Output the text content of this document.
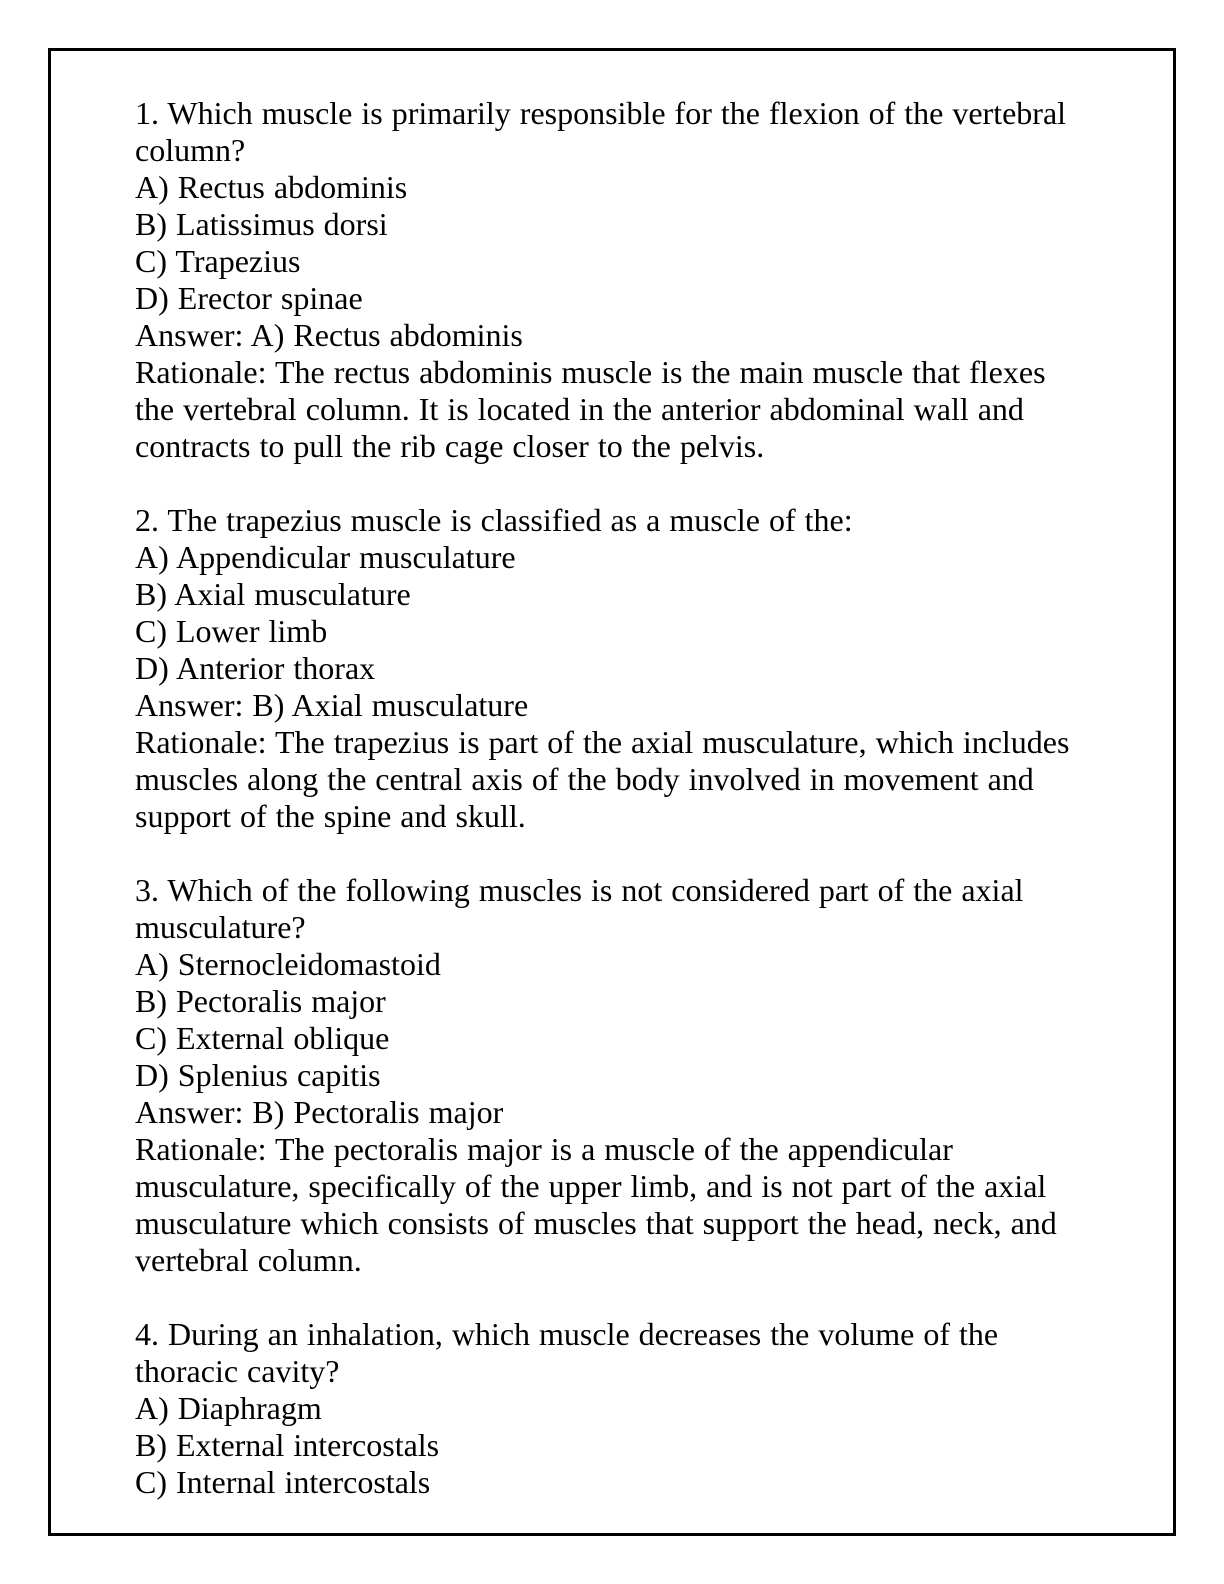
1. Which muscle is primarily responsible for the flexion of the vertebral column?

A) Rectus abdominis

B) Latissimus dorsi

C) Trapezius

D) Erector spinae

Answer: A) Rectus abdominis

Rationale: The rectus abdominis muscle is the main muscle that flexes the vertebral column. It is located in the anterior abdominal wall and contracts to pull the rib cage closer to the pelvis.

2. The trapezius muscle is classified as a muscle of the:

A) Appendicular musculature

B) Axial musculature

C) Lower limb

D) Anterior thorax

Answer: B) Axial musculature

Rationale: The trapezius is part of the axial musculature, which includes muscles along the central axis of the body involved in movement and support of the spine and skull.

3. Which of the following muscles is not considered part of the axial musculature?

A) Sternocleidomastoid

B) Pectoralis major

C) External oblique

D) Splenius capitis

Answer: B) Pectoralis major

Rationale: The pectoralis major is a muscle of the appendicular musculature, specifically of the upper limb, and is not part of the axial musculature which consists of muscles that support the head, neck, and vertebral column.

4. During an inhalation, which muscle decreases the volume of the thoracic cavity?

A) Diaphragm

B) External intercostals

C) Internal intercostals
